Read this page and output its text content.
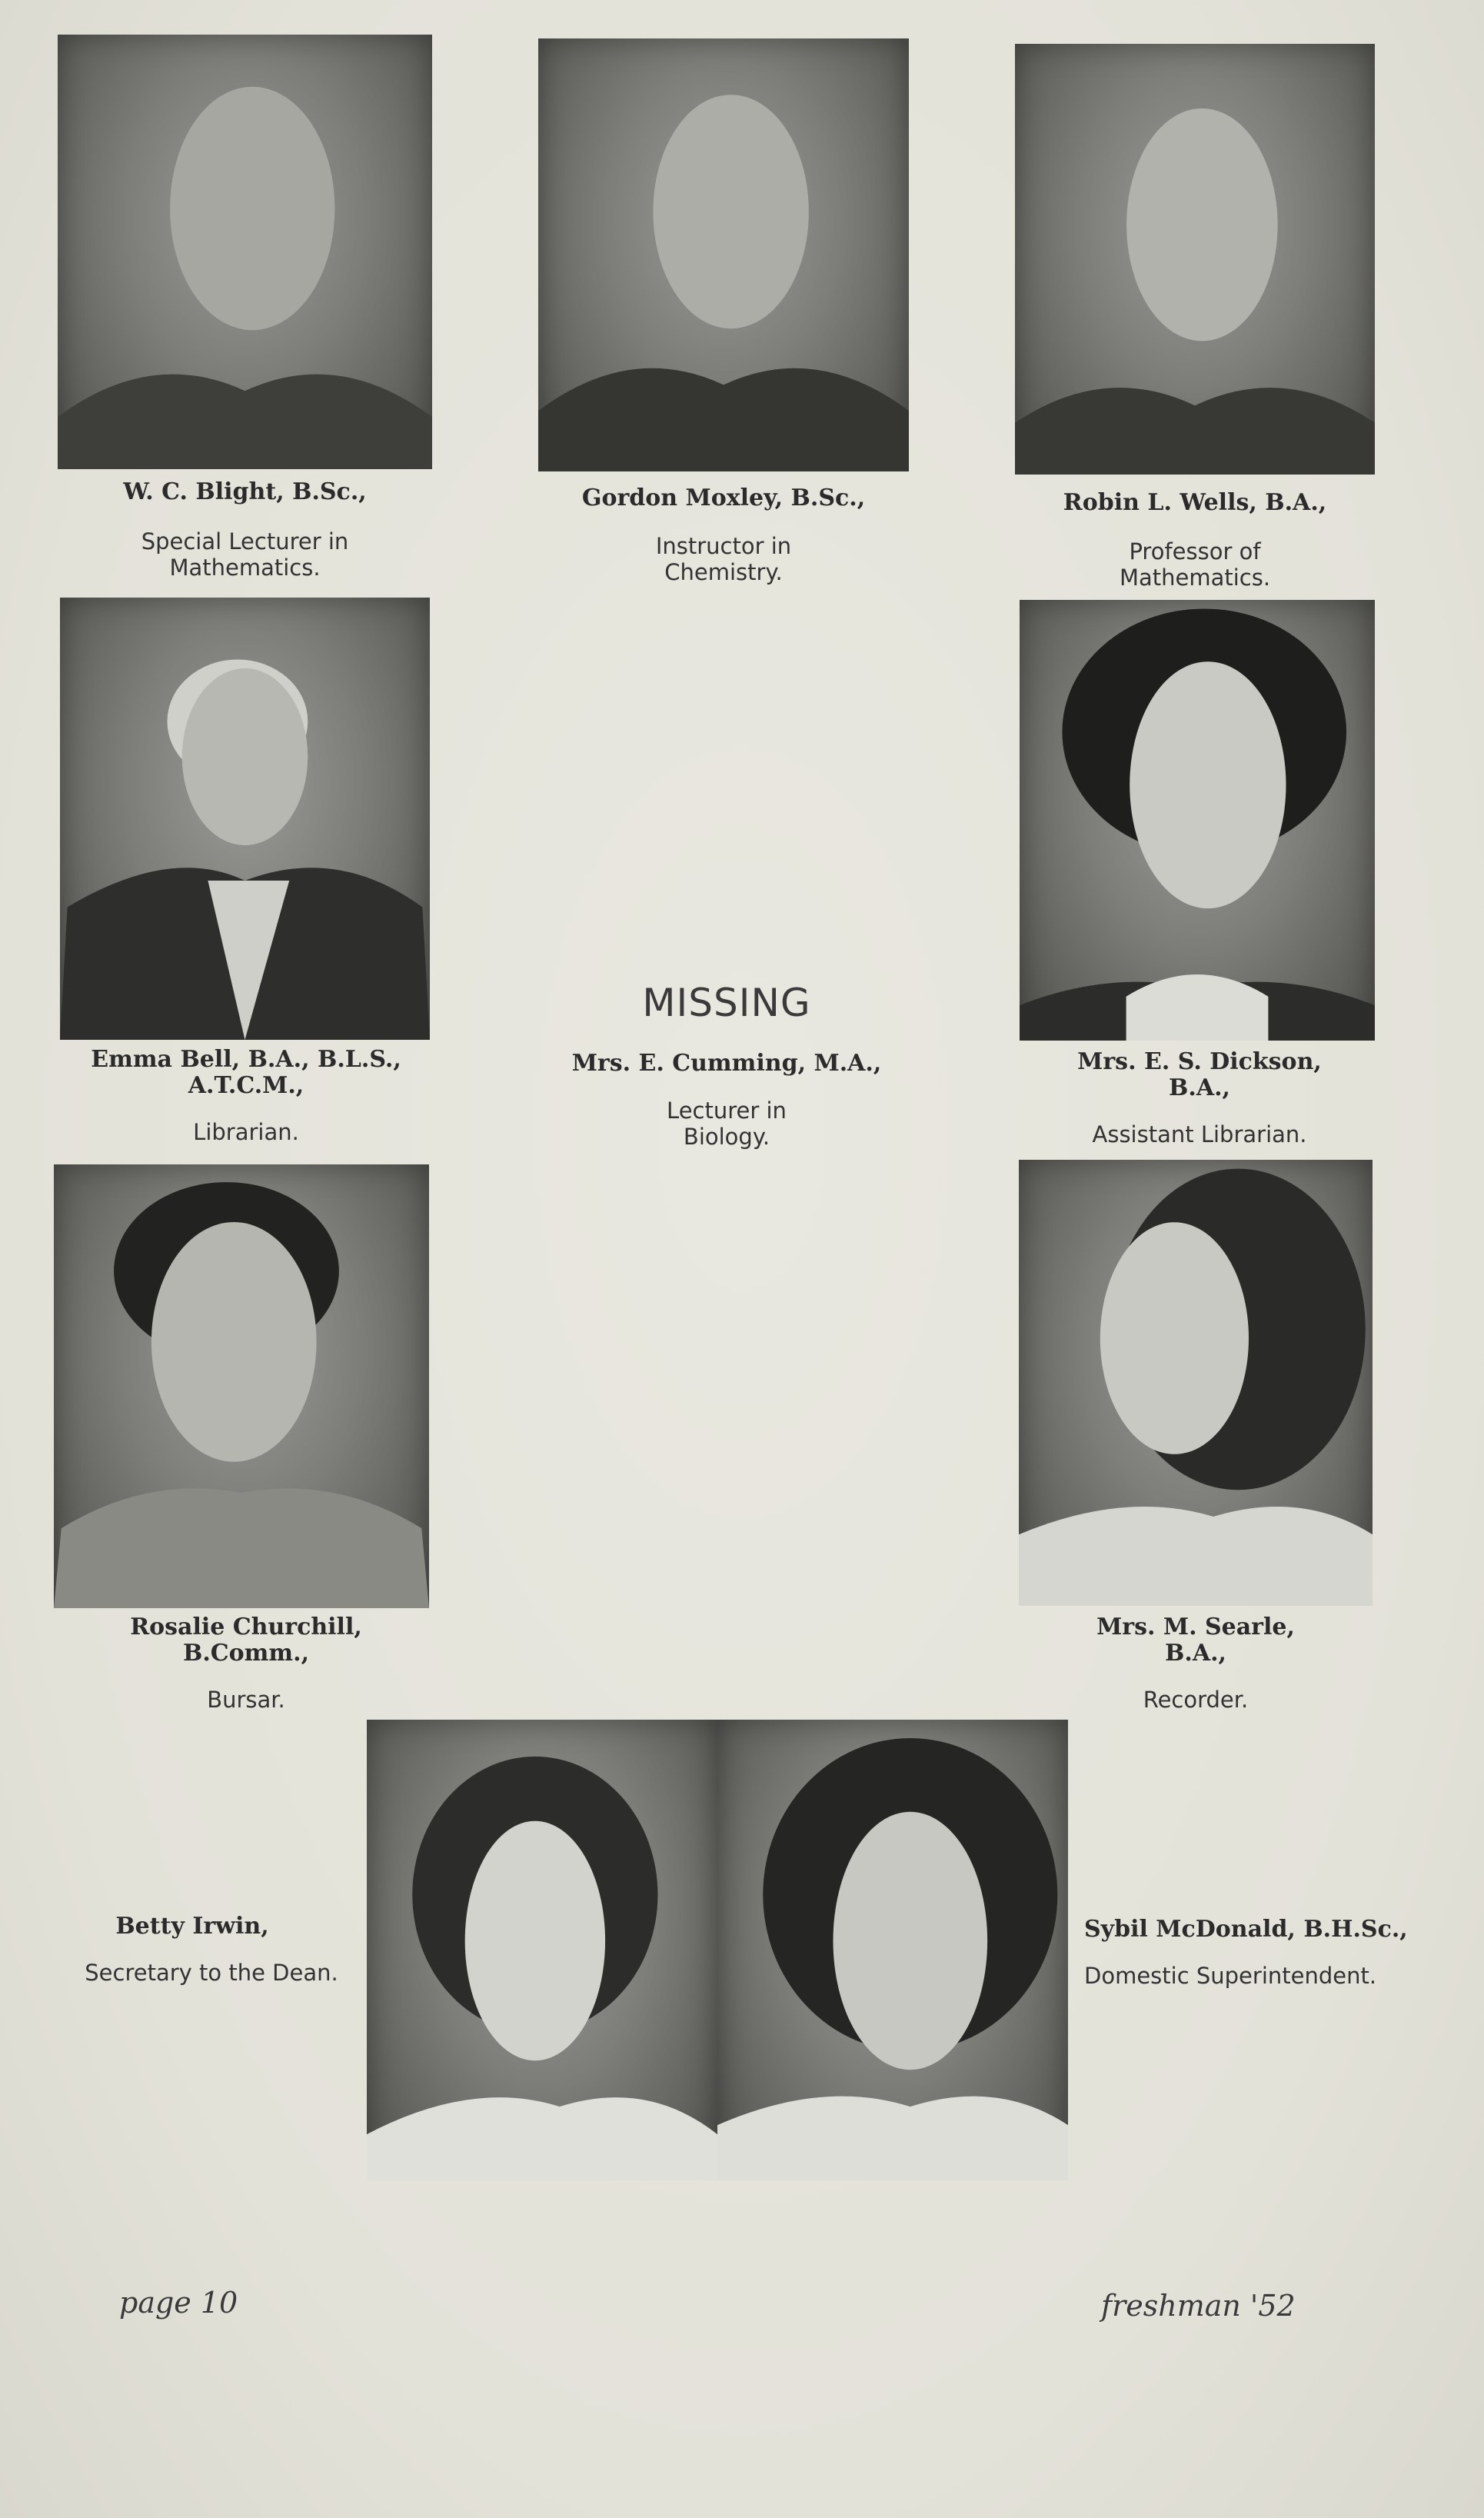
W. C. Blight, B.Sc.,
Special Lecturer in
Mathematics.
Gordon Moxley, B.Sc.,
Instructor in
Chemistry.
Robin L. Wells, B.A.,
Professor of
Mathematics.
Emma Bell, B.A., B.L.S.,
A.T.C.M.,
Librarian.
MISSING
Mrs. E. Cumming, M.A.,
Lecturer in
Biology.
Mrs. E. S. Dickson,
B.A.,
Assistant Librarian.
Rosalie Churchill,
B.Comm.,
Bursar.
Mrs. M. Searle,
B.A.,
Recorder.
Betty Irwin,
Secretary to the Dean.
Sybil McDonald, B.H.Sc.,
Domestic Superintendent.
page 10	freshman '52
